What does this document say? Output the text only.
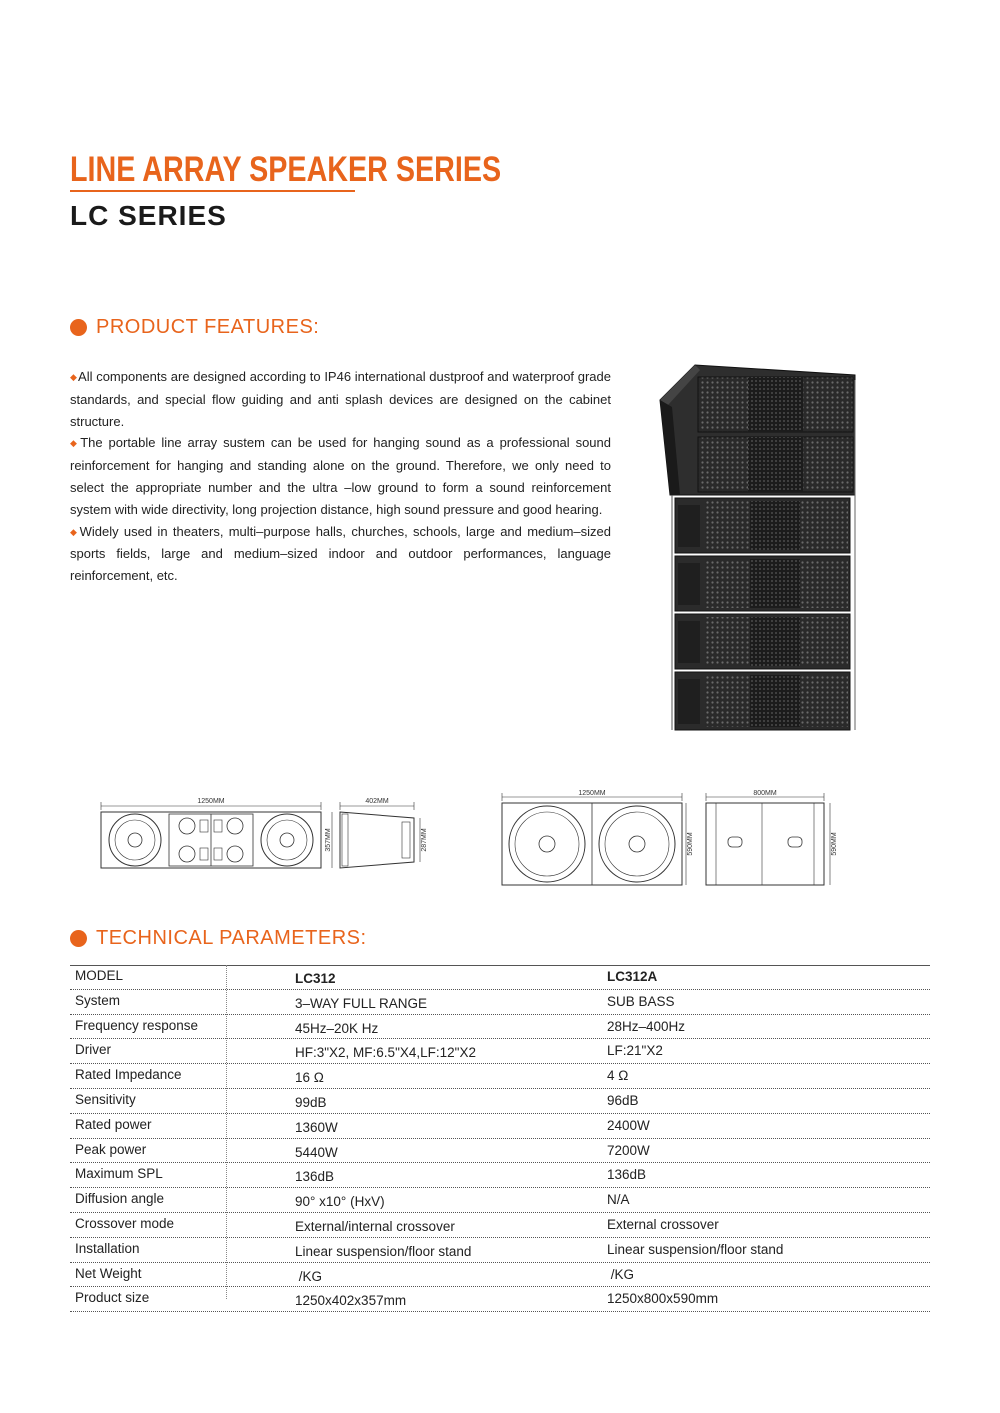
LINE ARRAY SPEAKER SERIES
LC SERIES
PRODUCT FEATURES:

◆All components are designed according to IP46 international dustproof and waterproof grade standards, and special flow guiding and anti splash devices are designed on the cabinet structure.

◆The portable line array sustem can be used for hanging sound as a professional sound reinforcement for hanging and standing alone on the ground. Therefore, we only need to select the appropriate number and the ultra –low ground to form a sound reinforcement system with wide directivity, long projection distance, high sound pressure and good hearing.

◆Widely used in theaters, multi–purpose halls, churches, schools, large and medium–sized sports fields, large and medium–sized indoor and outdoor performances, language reinforcement, etc.

1250MM	402MM
357MM	287MM
1250MM
590MM
800MM
590MM
TECHNICAL PARAMETERS:
MODEL	LC312	LC312A
System	3–WAY FULL RANGE	SUB BASS
Frequency response	45Hz–20K Hz	28Hz–400Hz
Driver	HF:3"X2, MF:6.5"X4,LF:12"X2	LF:21"X2
Rated Impedance	16 Ω	4 Ω
Sensitivity	99dB	96dB
Rated power	1360W	2400W
Peak power	5440W	7200W
Maximum SPL	136dB	136dB
Diffusion angle	90° x10° (HxV)	N/A
Crossover mode	External/internal crossover	External crossover
Installation	Linear suspension/floor stand	Linear suspension/floor stand
Net Weight	/KG	/KG
Product size	1250x402x357mm	1250x800x590mm
